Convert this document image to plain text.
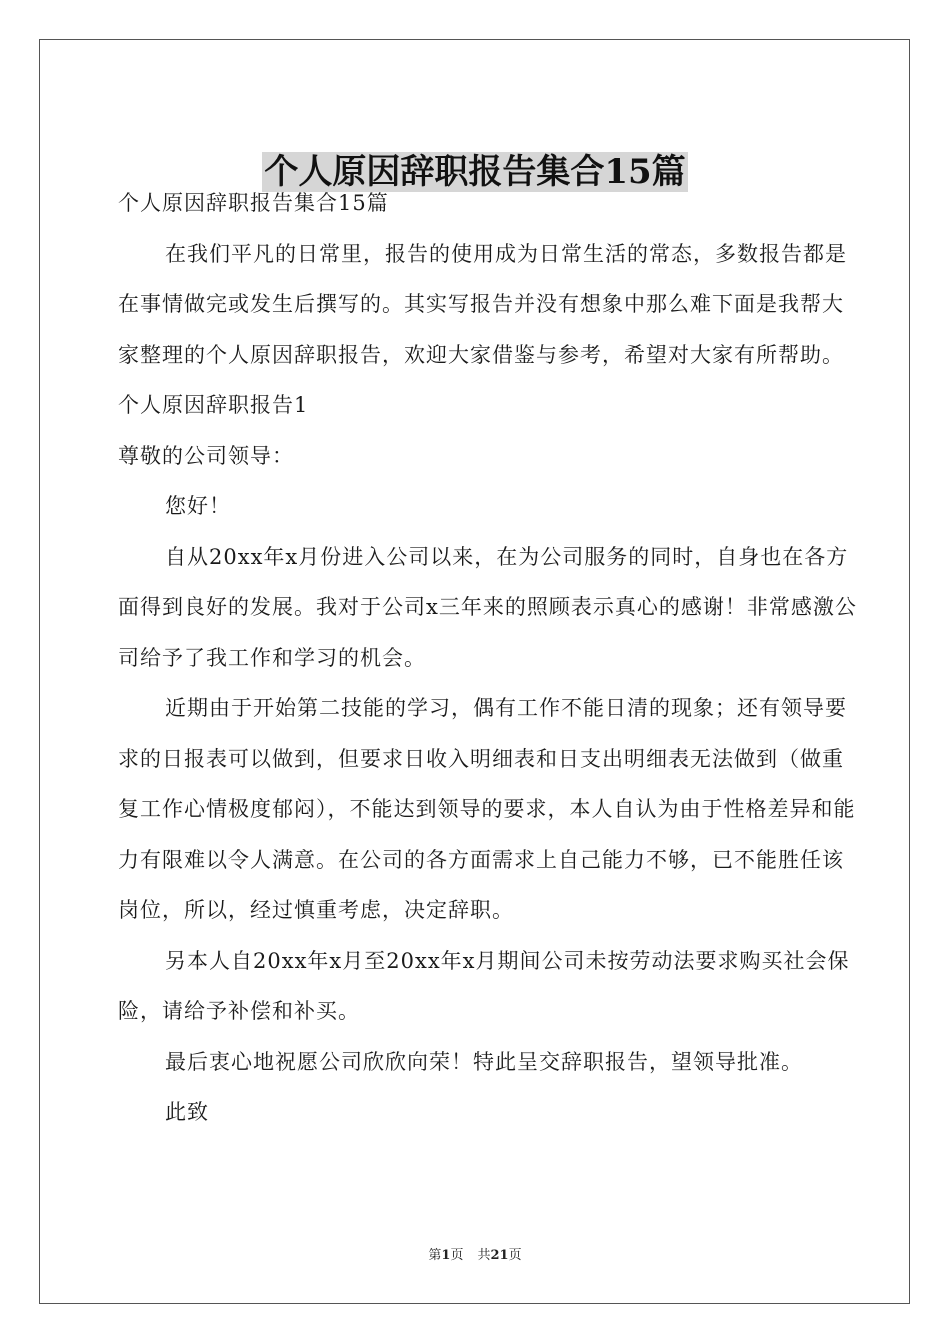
个人原因辞职报告集合15篇

个人原因辞职报告集合15篇

在我们平凡的日常里，报告的使用成为日常生活的常态，多数报告都是在事情做完或发生后撰写的。其实写报告并没有想象中那么难下面是我帮大家整理的个人原因辞职报告，欢迎大家借鉴与参考，希望对大家有所帮助。

个人原因辞职报告1

尊敬的公司领导：

您好！

自从20xx年x月份进入公司以来，在为公司服务的同时，自身也在各方面得到良好的发展。我对于公司x三年来的照顾表示真心的感谢！非常感激公司给予了我工作和学习的机会。

近期由于开始第二技能的学习，偶有工作不能日清的现象；还有领导要求的日报表可以做到，但要求日收入明细表和日支出明细表无法做到（做重复工作心情极度郁闷），不能达到领导的要求，本人自认为由于性格差异和能力有限难以令人满意。在公司的各方面需求上自己能力不够，已不能胜任该岗位，所以，经过慎重考虑，决定辞职。

另本人自20xx年x月至20xx年x月期间公司未按劳动法要求购买社会保险，请给予补偿和补买。

最后衷心地祝愿公司欣欣向荣！特此呈交辞职报告，望领导批准。

此致

第1页 共21页
